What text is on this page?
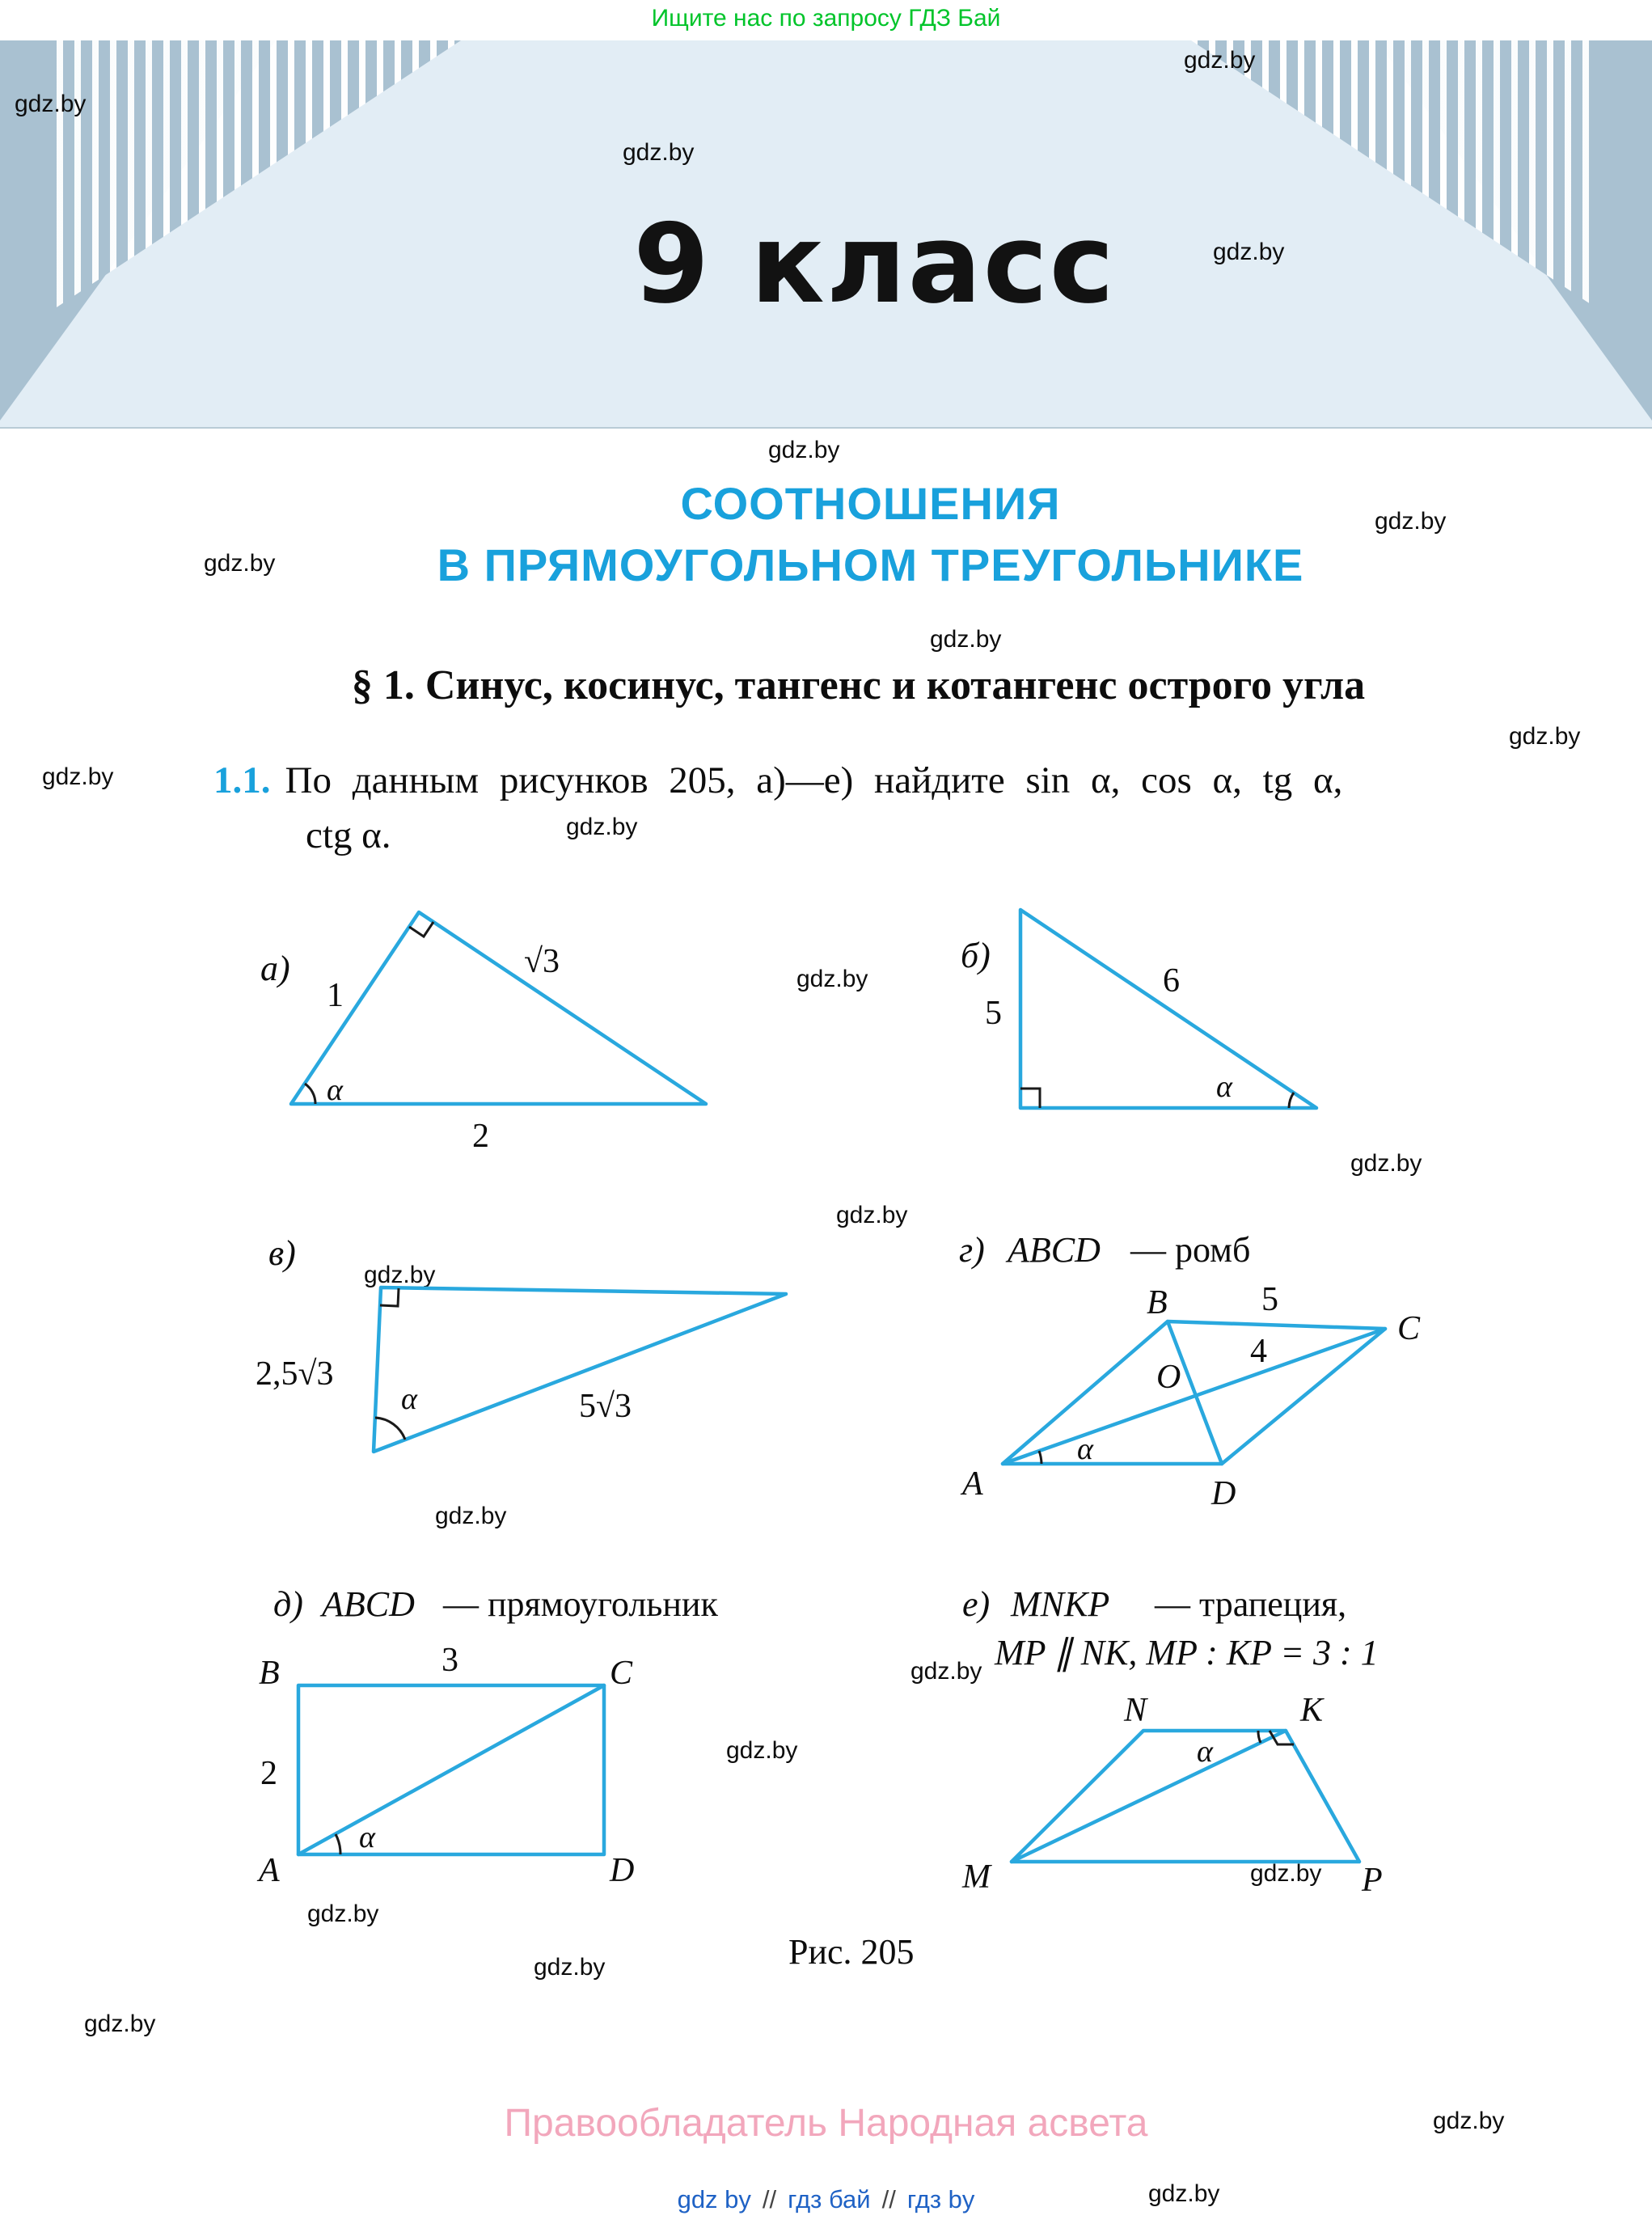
Ищите нас по запросу ГДЗ Бай
9 класс
gdz.by
gdz.by
gdz.by
gdz.by
gdz.by
gdz.by
gdz.by
gdz.by
gdz.by
gdz.by
gdz.by
gdz.by
gdz.by
gdz.by
gdz.by
gdz.by
gdz.by
gdz.by
gdz.by
gdz.by
gdz.by
gdz.by
gdz.by
gdz.by
СООТНОШЕНИЯ
В ПРЯМОУГОЛЬНОМ ТРЕУГОЛЬНИКЕ
§ 1. Синус, косинус, тангенс и котангенс острого угла
1.1. По данным рисунков 205, а)—е) найдите sin α, cos α, tg α,
ctg α.
а)
1
√3
α
2
б)
5
6
α
в)
2,5√3
α	5√3
г) ABCD — ромб
B	5
C
O
4
A	D
α
д) ABCD — прямоугольник
B	3	C
2
A	D
α
е) MNKP — трапеция,
MP ∥ NK, MP : KP = 3 : 1
N	K
α
M	P
Рис. 205
Правообладатель Народная асвета
gdz by // гдз бай // гдз by
